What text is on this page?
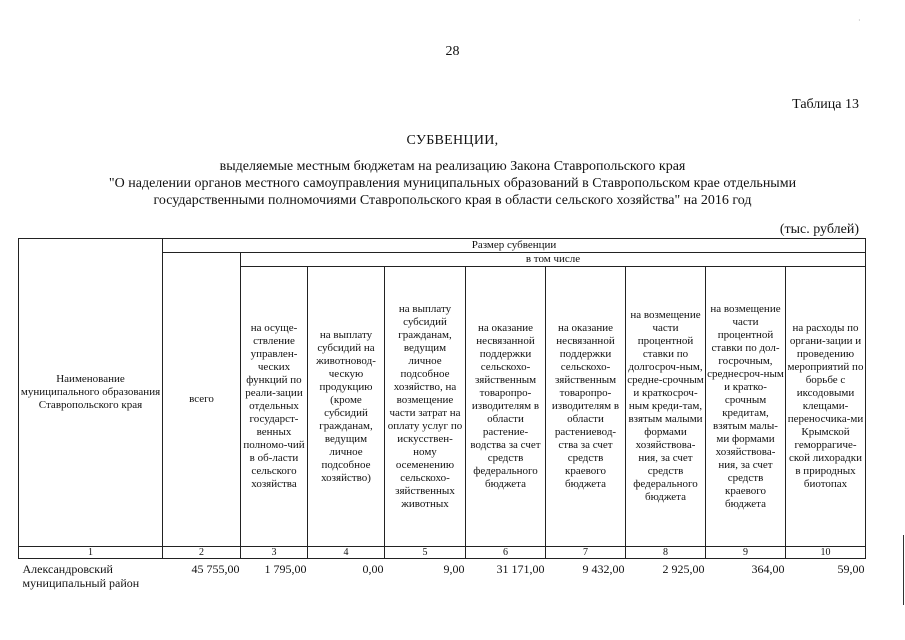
·
28
Таблица 13
СУБВЕНЦИИ,
выделяемые местным бюджетам на реализацию Закона Ставропольского края
"О наделении органов местного самоуправления муниципальных образований в Ставропольском крае отдельными
государственными полномочиями Ставропольского края в области сельского хозяйства" на 2016 год
(тыс. рублей)
Наименование муниципального образования Ставропольского края	Размер субвенции								
	всего	в том числе							
		на осуще-ствление управлен-ческих функций по реали-зации отдельных государст-венных полномо-чий в об-ласти сельского хозяйства	на выплату субсидий на животновод-ческую продукцию (кроме субсидий гражданам, ведущим личное подсобное хозяйство)	на выплату субсидий гражданам, ведущим личное подсобное хозяйство, на возмещение части затрат на оплату услуг по искусствен-ному осеменению сельскохо-зяйственных животных	на оказание несвязанной поддержки сельскохо-зяйственным товаропро-изводителям в области растение-водства за счет средств федерального бюджета	на оказание несвязанной поддержки сельскохо-зяйственным товаропро-изводителям в области растениевод-ства за счет средств краевого бюджета	на возмещение части процентной ставки по долгосроч-ным, средне-срочным и краткосроч-ным креди-там, взятым малыми формами хозяйствова-ния, за счет средств федерального бюджета	на возмещение части процентной ставки по дол-госрочным, среднесроч-ным и кратко-срочным кредитам, взятым малы-ми формами хозяйствова-ния, за счет средств краевого бюджета	на расходы по органи-зации и проведению мероприятий по борьбе с иксодовыми клещами-переносчика-ми Крымской геморрагиче-ской лихорадки в природных биотопах
1	2	3	4	5	6	7	8	9	10
Александровский муниципальный район	45 755,00	1 795,00	0,00	9,00	31 171,00	9 432,00	2 925,00	364,00	59,00
